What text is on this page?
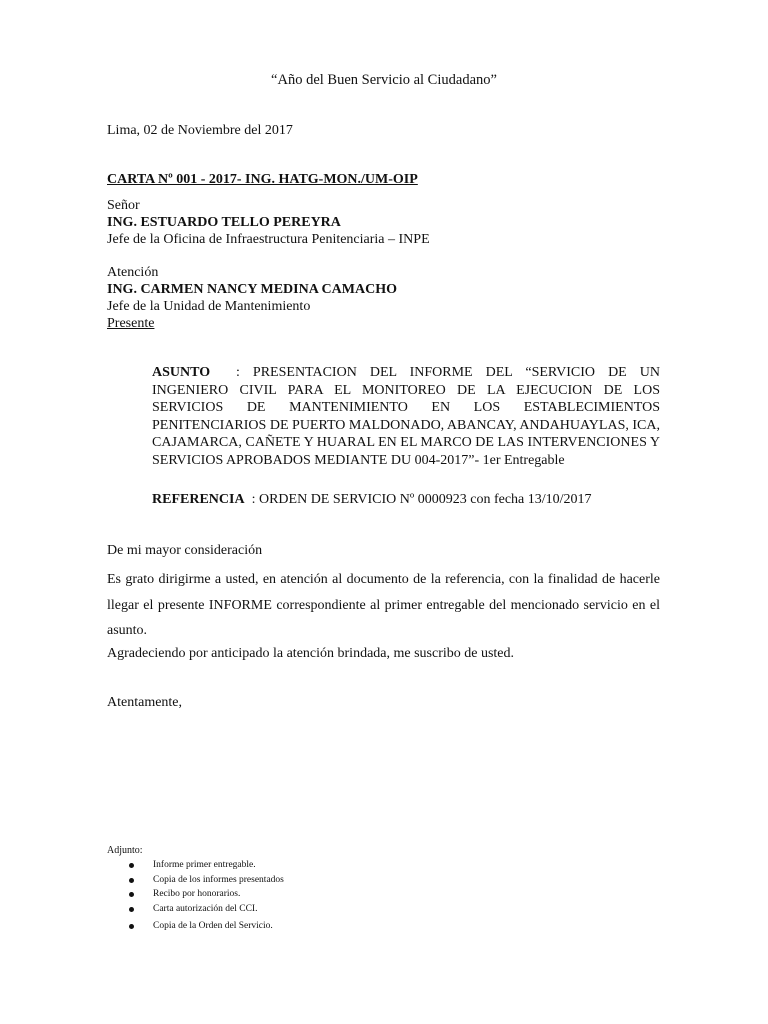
“Año del Buen Servicio al Ciudadano”
Lima, 02 de Noviembre del 2017
CARTA Nº 001 - 2017- ING. HATG-MON./UM-OIP
Señor
ING. ESTUARDO TELLO PEREYRA
Jefe de la Oficina de Infraestructura Penitenciaria – INPE
Atención
ING. CARMEN NANCY MEDINA CAMACHO
Jefe de la Unidad de Mantenimiento
Presente
ASUNTO : PRESENTACION DEL INFORME DEL “SERVICIO DE UN INGENIERO CIVIL PARA EL MONITOREO DE LA EJECUCION DE LOS SERVICIOS DE MANTENIMIENTO EN LOS ESTABLECIMIENTOS PENITENCIARIOS DE PUERTO MALDONADO, ABANCAY, ANDAHUAYLAS, ICA, CAJAMARCA, CAÑETE Y HUARAL EN EL MARCO DE LAS INTERVENCIONES Y SERVICIOS APROBADOS MEDIANTE DU 004-2017”- 1er Entregable
REFERENCIA : ORDEN DE SERVICIO Nº 0000923 con fecha 13/10/2017
De mi mayor consideración
Es grato dirigirme a usted, en atención al documento de la referencia, con la finalidad de hacerle llegar el presente INFORME correspondiente al primer entregable del mencionado servicio en el asunto.
Agradeciendo por anticipado la atención brindada, me suscribo de usted.
Atentamente,
Adjunto:
Informe primer entregable.
Copia de los informes presentados
Recibo por honorarios.
Carta autorización del CCI.
Copia de la Orden del Servicio.
